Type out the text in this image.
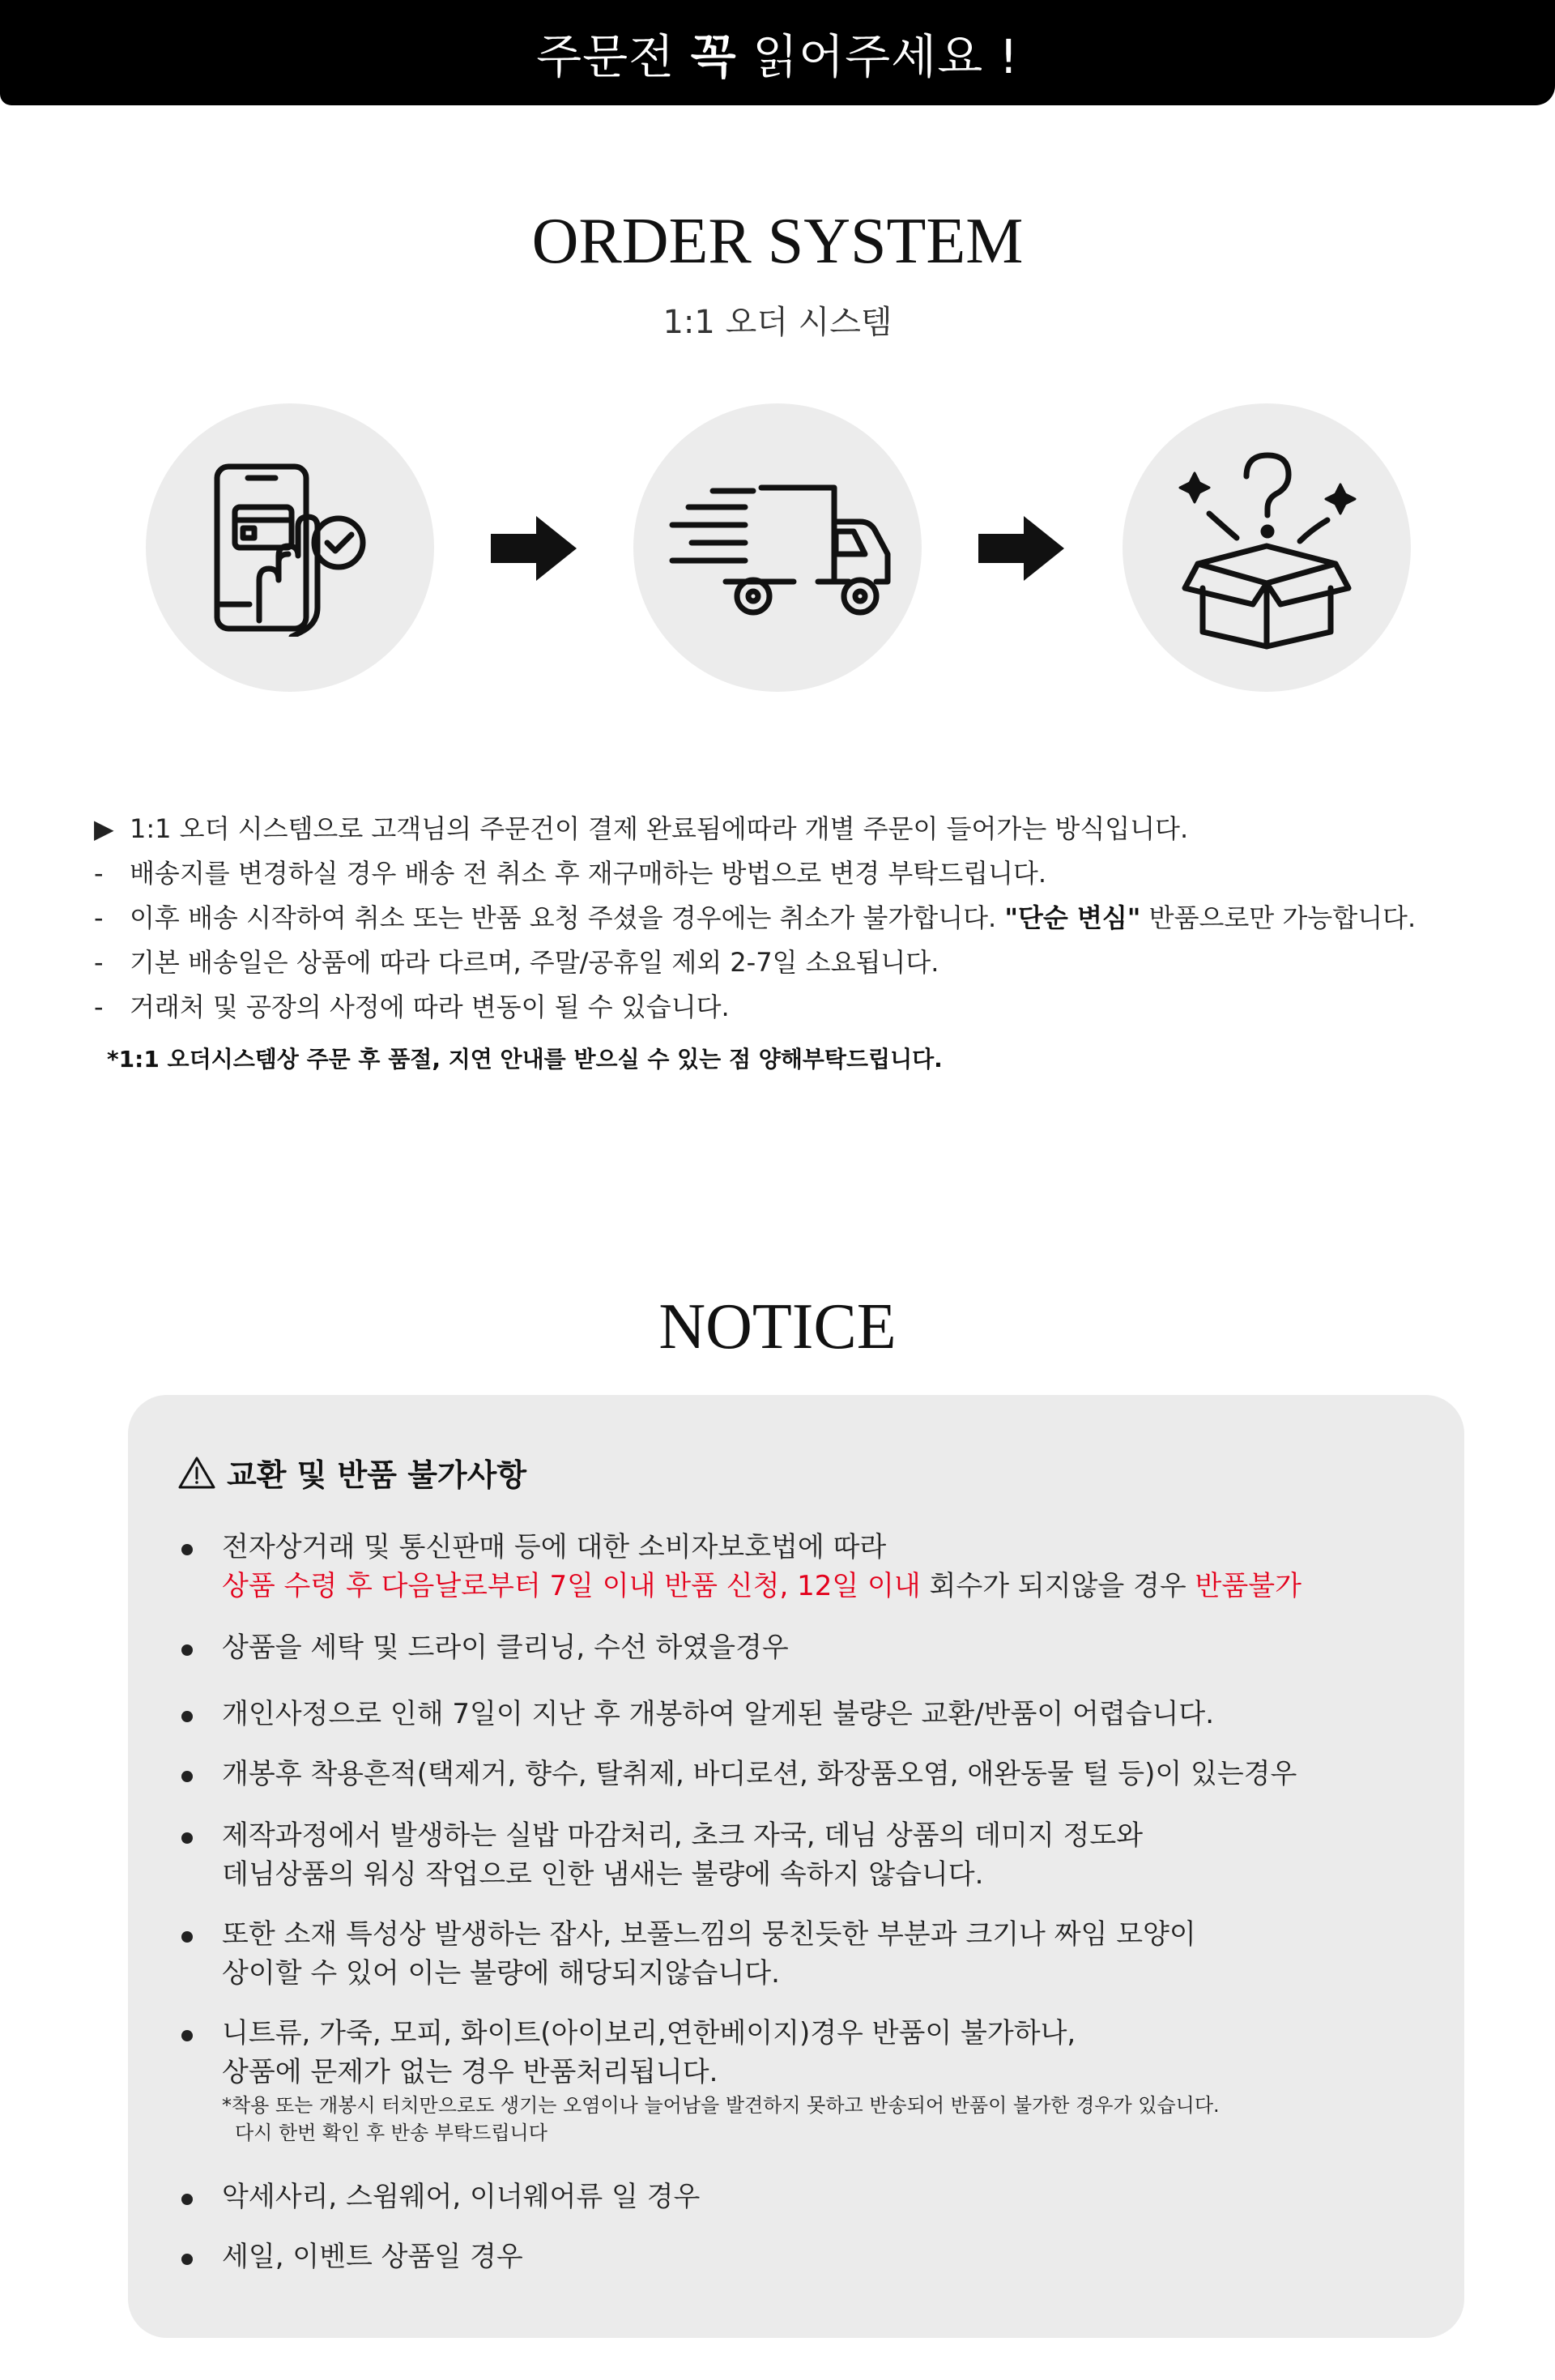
주문전 꼭 읽어주세요 !
ORDER SYSTEM
1:1 오더 시스템
▶ 1:1 오더 시스템으로 고객님의 주문건이 결제 완료됨에따라 개별 주문이 들어가는 방식입니다.
- 배송지를 변경하실 경우 배송 전 취소 후 재구매하는 방법으로 변경 부탁드립니다.
- 이후 배송 시작하여 취소 또는 반품 요청 주셨을 경우에는 취소가 불가합니다. "단순 변심" 반품으로만 가능합니다.
- 기본 배송일은 상품에 따라 다르며, 주말/공휴일 제외 2-7일 소요됩니다.
- 거래처 및 공장의 사정에 따라 변동이 될 수 있습니다.
*1:1 오더시스템상 주문 후 품절, 지연 안내를 받으실 수 있는 점 양해부탁드립니다.
NOTICE
교환 및 반품 불가사항
전자상거래 및 통신판매 등에 대한 소비자보호법에 따라
상품 수령 후 다음날로부터 7일 이내 반품 신청, 12일 이내 회수가 되지않을 경우 반품불가
상품을 세탁 및 드라이 클리닝, 수선 하였을경우
개인사정으로 인해 7일이 지난 후 개봉하여 알게된 불량은 교환/반품이 어렵습니다.
개봉후 착용흔적(택제거, 향수, 탈취제, 바디로션, 화장품오염, 애완동물 털 등)이 있는경우
제작과정에서 발생하는 실밥 마감처리, 초크 자국, 데님 상품의 데미지 정도와
데님상품의 워싱 작업으로 인한 냄새는 불량에 속하지 않습니다.
또한 소재 특성상 발생하는 잡사, 보풀느낌의 뭉친듯한 부분과 크기나 짜임 모양이
상이할 수 있어 이는 불량에 해당되지않습니다.
니트류, 가죽, 모피, 화이트(아이보리,연한베이지)경우 반품이 불가하나,
상품에 문제가 없는 경우 반품처리됩니다.
*착용 또는 개봉시 터치만으로도 생기는 오염이나 늘어남을 발견하지 못하고 반송되어 반품이 불가한 경우가 있습니다.
다시 한번 확인 후 반송 부탁드립니다
악세사리, 스윔웨어, 이너웨어류 일 경우
세일, 이벤트 상품일 경우
